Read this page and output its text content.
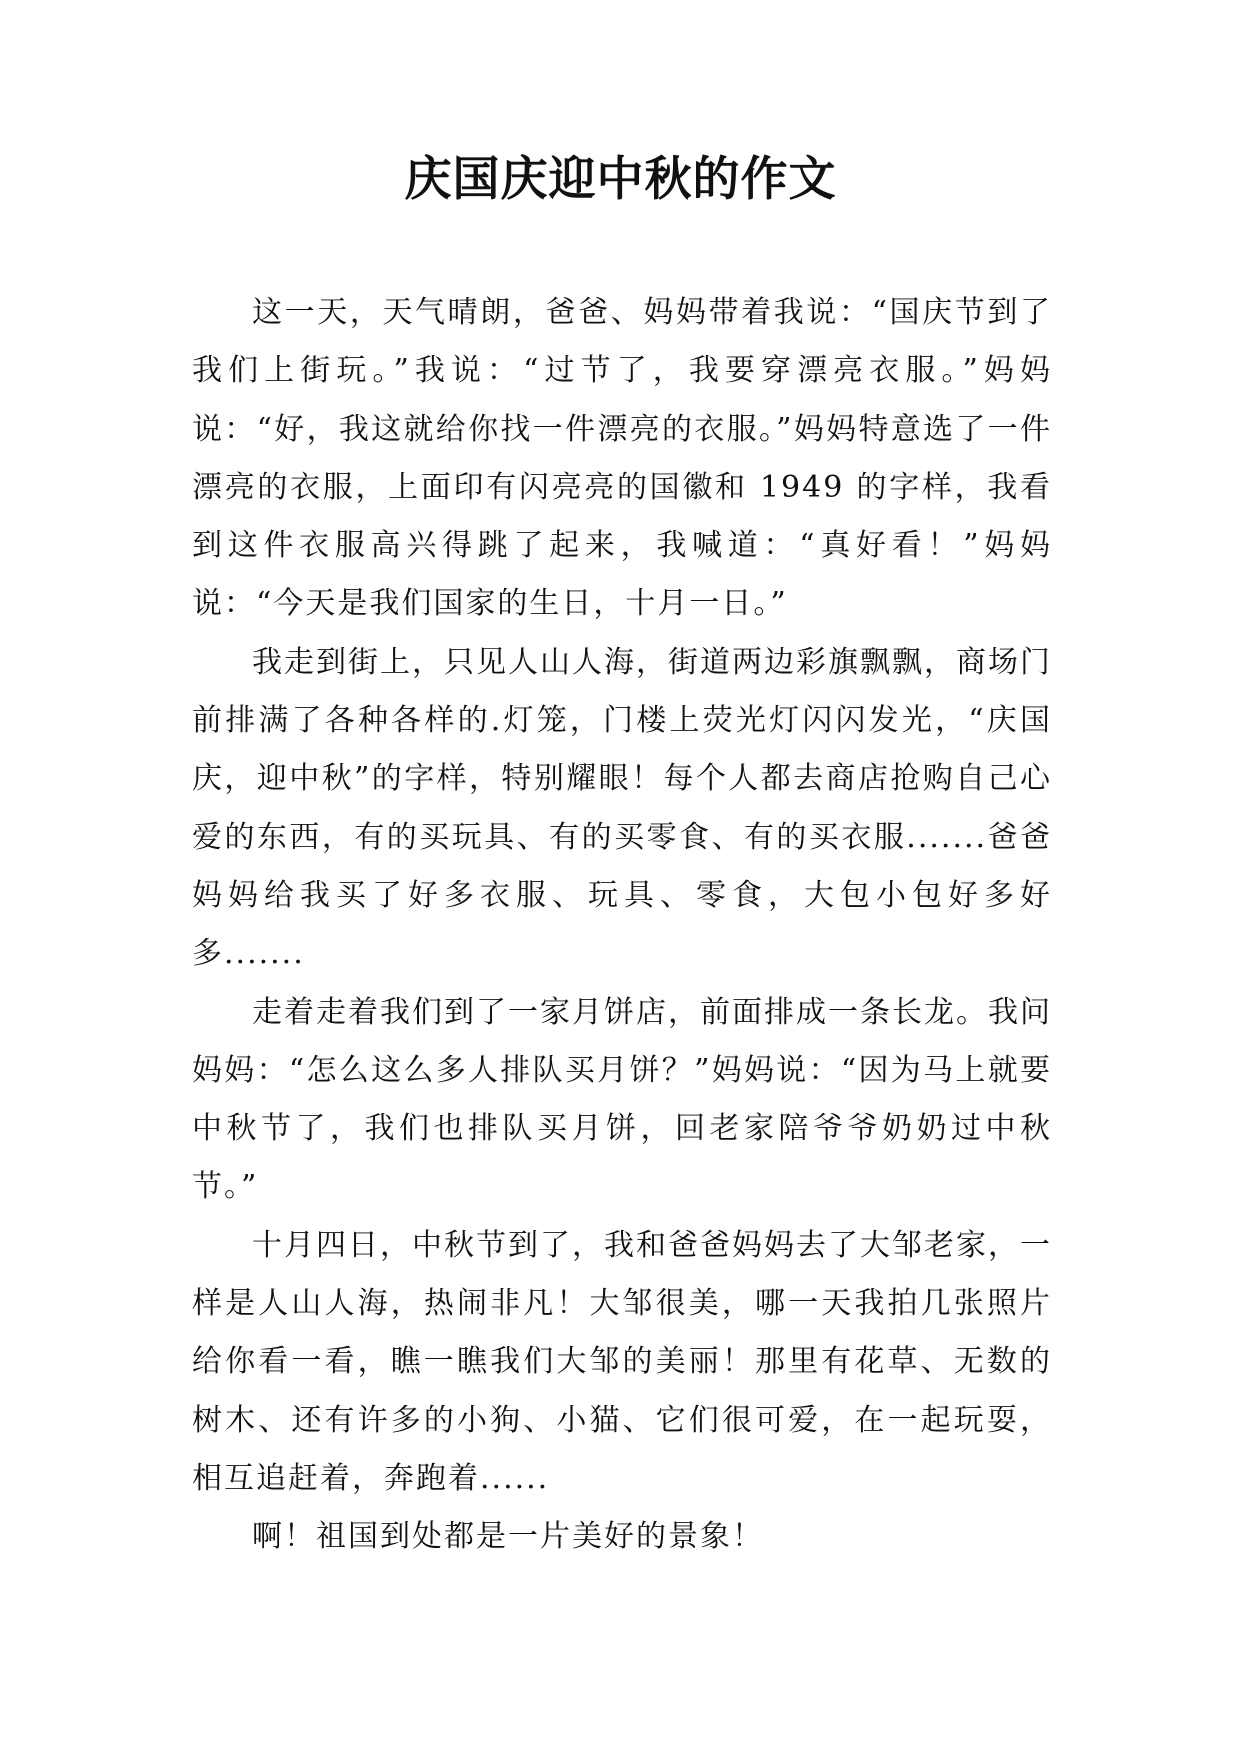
庆国庆迎中秋的作文

这一天，天气晴朗，爸爸、妈妈带着我说：“国庆节到了我们上街玩。”我说：“过节了，我要穿漂亮衣服。”妈妈说：“好，我这就给你找一件漂亮的衣服。”妈妈特意选了一件漂亮的衣服，上面印有闪亮亮的国徽和 1949 的字样，我看到这件衣服高兴得跳了起来，我喊道：“真好看！”妈妈说：“今天是我们国家的生日，十月一日。”

我走到街上，只见人山人海，街道两边彩旗飘飘，商场门前排满了各种各样的.灯笼，门楼上荧光灯闪闪发光，“庆国庆，迎中秋”的字样，特别耀眼！每个人都去商店抢购自己心爱的东西，有的买玩具、有的买零食、有的买衣服.......爸爸妈妈给我买了好多衣服、玩具、零食，大包小包好多好多.......

走着走着我们到了一家月饼店，前面排成一条长龙。我问妈妈：“怎么这么多人排队买月饼？”妈妈说：“因为马上就要中秋节了，我们也排队买月饼，回老家陪爷爷奶奶过中秋节。”

十月四日，中秋节到了，我和爸爸妈妈去了大邹老家，一样是人山人海，热闹非凡！大邹很美，哪一天我拍几张照片给你看一看，瞧一瞧我们大邹的美丽！那里有花草、无数的树木、还有许多的小狗、小猫、它们很可爱，在一起玩耍，相互追赶着，奔跑着......

啊！祖国到处都是一片美好的景象！
